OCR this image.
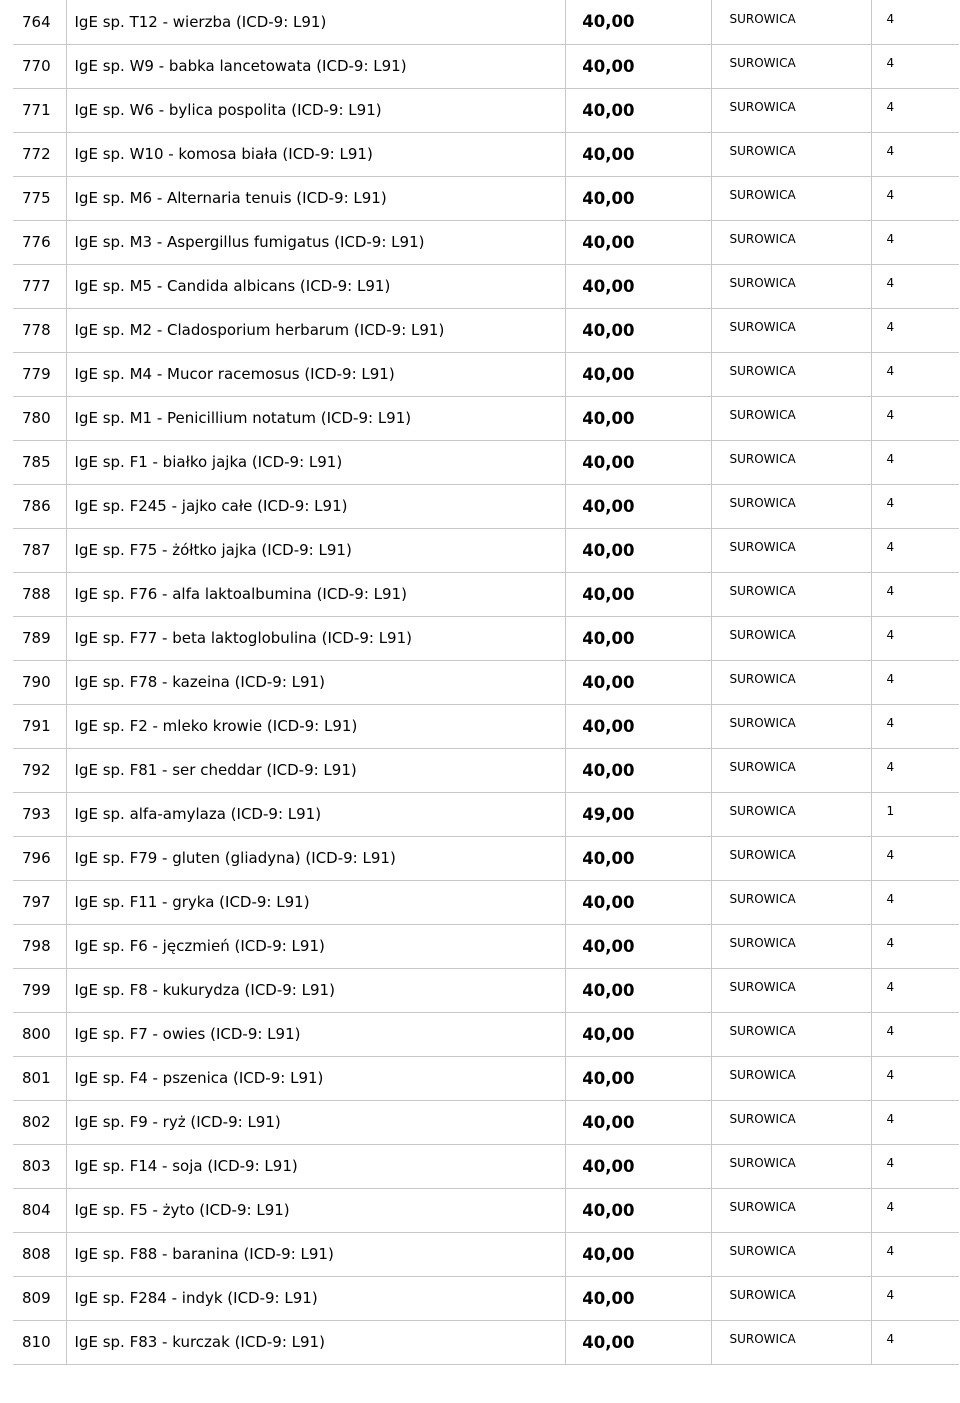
764	IgE sp. T12 - wierzba (ICD-9: L91)	40,00	SUROWICA	4
770	IgE sp. W9 - babka lancetowata (ICD-9: L91)	40,00	SUROWICA	4
771	IgE sp. W6 - bylica pospolita (ICD-9: L91)	40,00	SUROWICA	4
772	IgE sp. W10 - komosa biała (ICD-9: L91)	40,00	SUROWICA	4
775	IgE sp. M6 - Alternaria tenuis (ICD-9: L91)	40,00	SUROWICA	4
776	IgE sp. M3 - Aspergillus fumigatus (ICD-9: L91)	40,00	SUROWICA	4
777	IgE sp. M5 - Candida albicans (ICD-9: L91)	40,00	SUROWICA	4
778	IgE sp. M2 - Cladosporium herbarum (ICD-9: L91)	40,00	SUROWICA	4
779	IgE sp. M4 - Mucor racemosus (ICD-9: L91)	40,00	SUROWICA	4
780	IgE sp. M1 - Penicillium notatum (ICD-9: L91)	40,00	SUROWICA	4
785	IgE sp. F1 - białko jajka (ICD-9: L91)	40,00	SUROWICA	4
786	IgE sp. F245 - jajko całe (ICD-9: L91)	40,00	SUROWICA	4
787	IgE sp. F75 - żółtko jajka (ICD-9: L91)	40,00	SUROWICA	4
788	IgE sp. F76 - alfa laktoalbumina (ICD-9: L91)	40,00	SUROWICA	4
789	IgE sp. F77 - beta laktoglobulina (ICD-9: L91)	40,00	SUROWICA	4
790	IgE sp. F78 - kazeina (ICD-9: L91)	40,00	SUROWICA	4
791	IgE sp. F2 - mleko krowie (ICD-9: L91)	40,00	SUROWICA	4
792	IgE sp. F81 - ser cheddar (ICD-9: L91)	40,00	SUROWICA	4
793	IgE sp. alfa-amylaza (ICD-9: L91)	49,00	SUROWICA	1
796	IgE sp. F79 - gluten (gliadyna) (ICD-9: L91)	40,00	SUROWICA	4
797	IgE sp. F11 - gryka (ICD-9: L91)	40,00	SUROWICA	4
798	IgE sp. F6 - jęczmień (ICD-9: L91)	40,00	SUROWICA	4
799	IgE sp. F8 - kukurydza (ICD-9: L91)	40,00	SUROWICA	4
800	IgE sp. F7 - owies (ICD-9: L91)	40,00	SUROWICA	4
801	IgE sp. F4 - pszenica (ICD-9: L91)	40,00	SUROWICA	4
802	IgE sp. F9 - ryż (ICD-9: L91)	40,00	SUROWICA	4
803	IgE sp. F14 - soja (ICD-9: L91)	40,00	SUROWICA	4
804	IgE sp. F5 - żyto (ICD-9: L91)	40,00	SUROWICA	4
808	IgE sp. F88 - baranina (ICD-9: L91)	40,00	SUROWICA	4
809	IgE sp. F284 - indyk (ICD-9: L91)	40,00	SUROWICA	4
810	IgE sp. F83 - kurczak (ICD-9: L91)	40,00	SUROWICA	4
